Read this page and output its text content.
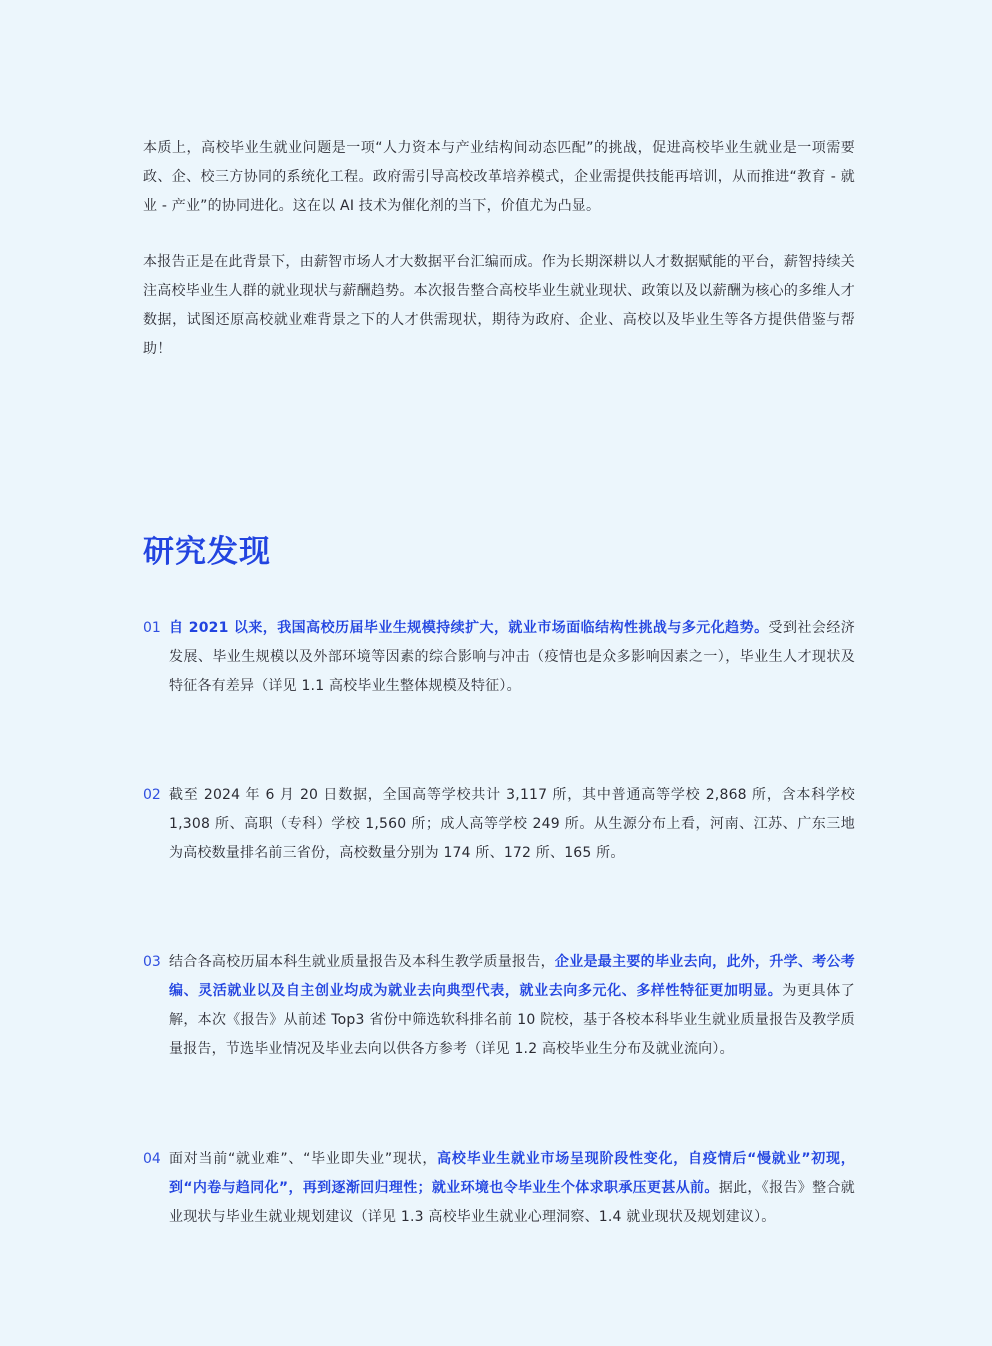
本质上，高校毕业生就业问题是一项“人力资本与产业结构间动态匹配”的挑战，促进高校毕业生就业是一项需要政、企、校三方协同的系统化工程。政府需引导高校改革培养模式，企业需提供技能再培训，从而推进“教育 - 就业 - 产业”的协同进化。这在以 AI 技术为催化剂的当下，价值尤为凸显。

本报告正是在此背景下，由薪智市场人才大数据平台汇编而成。作为长期深耕以人才数据赋能的平台，薪智持续关注高校毕业生人群的就业现状与薪酬趋势。本次报告整合高校毕业生就业现状、政策以及以薪酬为核心的多维人才数据，试图还原高校就业难背景之下的人才供需现状，期待为政府、企业、高校以及毕业生等各方提供借鉴与帮助！

研究发现
01 自 2021 以来，我国高校历届毕业生规模持续扩大，就业市场面临结构性挑战与多元化趋势。受到社会经济发展、毕业生规模以及外部环境等因素的综合影响与冲击（疫情也是众多影响因素之一），毕业生人才现状及特征各有差异（详见 1.1 高校毕业生整体规模及特征）。

02 截至 2024 年 6 月 20 日数据，全国高等学校共计 3,117 所，其中普通高等学校 2,868 所，含本科学校 1,308 所、高职（专科）学校 1,560 所；成人高等学校 249 所。从生源分布上看，河南、江苏、广东三地为高校数量排名前三省份，高校数量分别为 174 所、172 所、165 所。

03 结合各高校历届本科生就业质量报告及本科生教学质量报告，企业是最主要的毕业去向，此外，升学、考公考编、灵活就业以及自主创业均成为就业去向典型代表，就业去向多元化、多样性特征更加明显。为更具体了解，本次《报告》从前述 Top3 省份中筛选软科排名前 10 院校，基于各校本科毕业生就业质量报告及教学质量报告，节选毕业情况及毕业去向以供各方参考（详见 1.2 高校毕业生分布及就业流向）。

04 面对当前“就业难”、“毕业即失业”现状，高校毕业生就业市场呈现阶段性变化，自疫情后“慢就业”初现，到“内卷与趋同化”，再到逐渐回归理性；就业环境也令毕业生个体求职承压更甚从前。据此，《报告》整合就业现状与毕业生就业规划建议（详见 1.3 高校毕业生就业心理洞察、1.4 就业现状及规划建议）。
